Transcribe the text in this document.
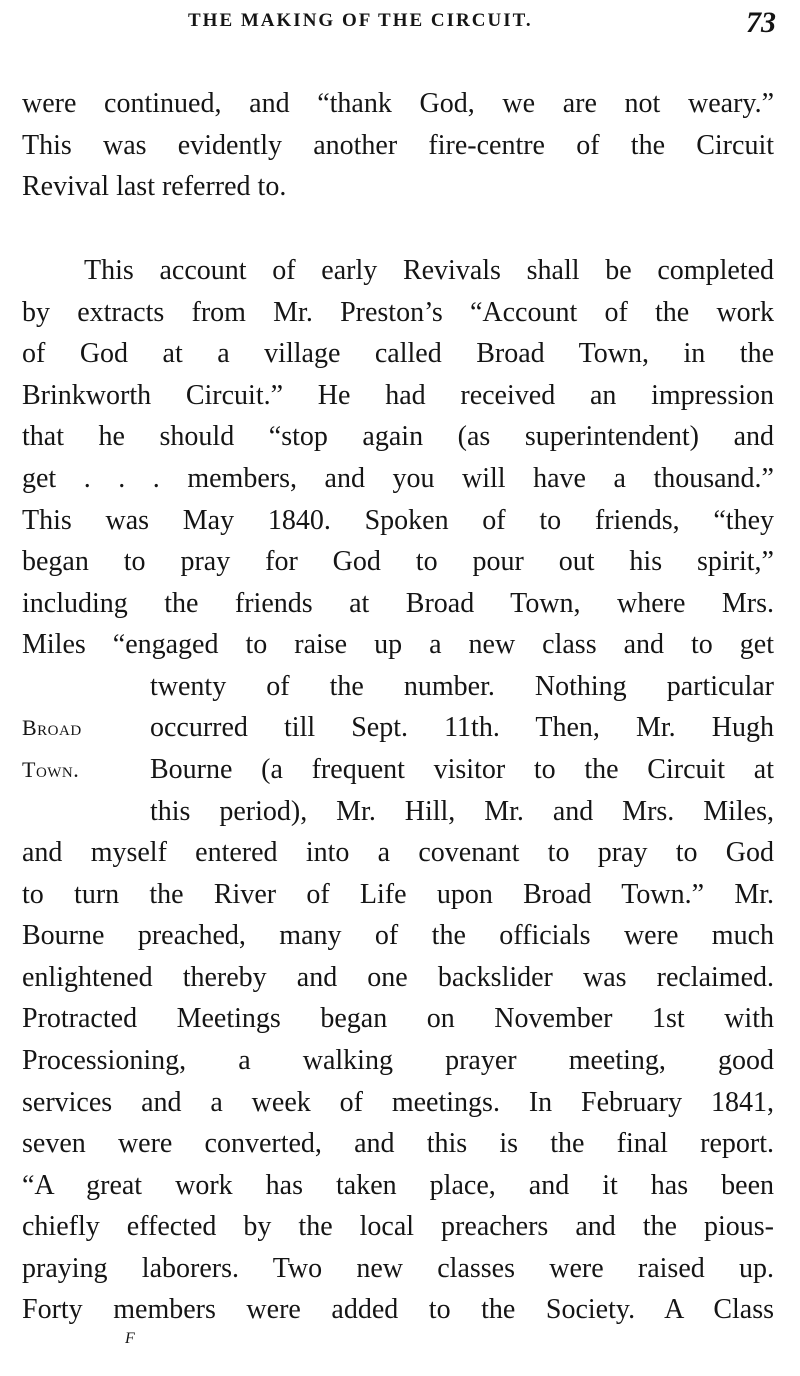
THE MAKING OF THE CIRCUIT.	73
were continued, and “thank God, we are not weary.”
This was evidently another fire-centre of the Circuit
Revival last referred to.
This account of early Revivals shall be completed
by extracts from Mr. Preston’s “Account of the work
of God at a village called Broad Town, in the
Brinkworth Circuit.” He had received an impression
that he should “stop again (as superintendent) and
get . . . members, and you will have a thousand.”
This was May 1840. Spoken of to friends, “they
began to pray for God to pour out his spirit,”
including the friends at Broad Town, where Mrs.
Miles “engaged to raise up a new class and to get
twenty of the number. Nothing particular
occurred till Sept. 11th. Then, Mr. Hugh
Bourne (a frequent visitor to the Circuit at
this period), Mr. Hill, Mr. and Mrs. Miles,
Broad
Town.
and myself entered into a covenant to pray to God
to turn the River of Life upon Broad Town.” Mr.
Bourne preached, many of the officials were much
enlightened thereby and one backslider was reclaimed.
Protracted Meetings began on November 1st with
Processioning, a walking prayer meeting, good
services and a week of meetings. In February 1841,
seven were converted, and this is the final report.
“A great work has taken place, and it has been
chiefly effected by the local preachers and the pious-
praying laborers. Two new classes were raised up.
Forty members were added to the Society. A Class
F
